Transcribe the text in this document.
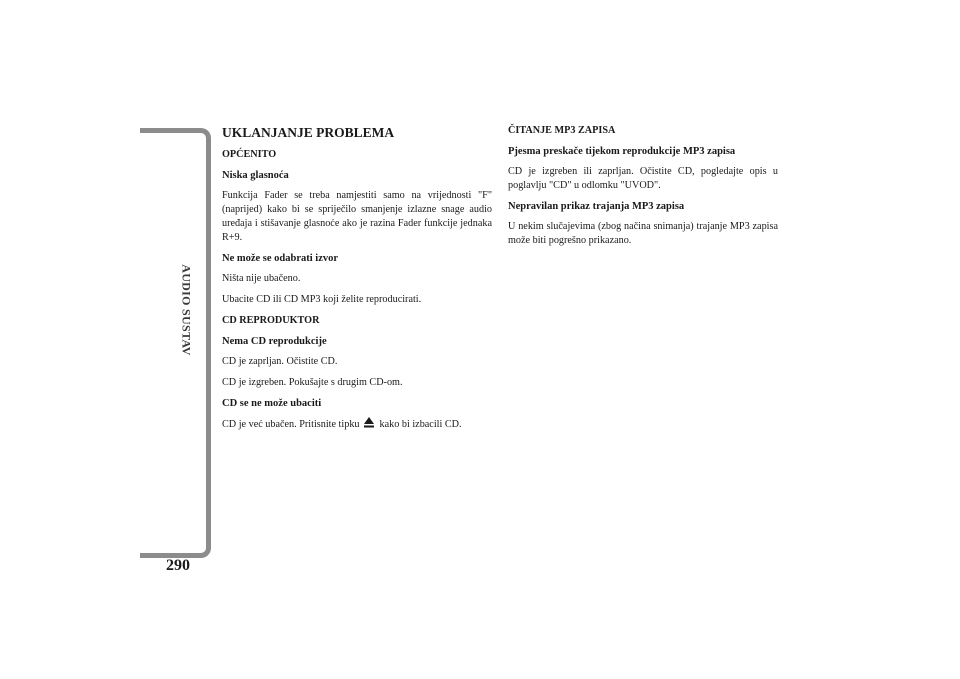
AUDIO SUSTAV
290
UKLANJANJE PROBLEMA
OPĆENITO
Niska glasnoća

Funkcija Fader se treba namjestiti samo na vrijednosti "F" (naprijed) kako bi se spriječilo smanjenje izlazne snage audio uređaja i stišavanje glasnoće ako je razina Fader funkcije jednaka R+9.

Ne može se odabrati izvor

Ništa nije ubačeno.

Ubacite CD ili CD MP3 koji želite reproducirati.

CD REPRODUKTOR
Nema CD reprodukcije

CD je zaprljan. Očistite CD.

CD je izgreben. Pokušajte s drugim CD-om.

CD se ne može ubaciti

CD je već ubačen. Pritisnite tipku kako bi izbacili CD.

ČITANJE MP3 ZAPISA
Pjesma preskače tijekom reprodukcije MP3 zapisa

CD je izgreben ili zaprljan. Očistite CD, pogledajte opis u poglavlju "CD" u odlomku "UVOD".

Nepravilan prikaz trajanja MP3 zapisa

U nekim slučajevima (zbog načina snimanja) trajanje MP3 zapisa može biti pogrešno prikazano.
